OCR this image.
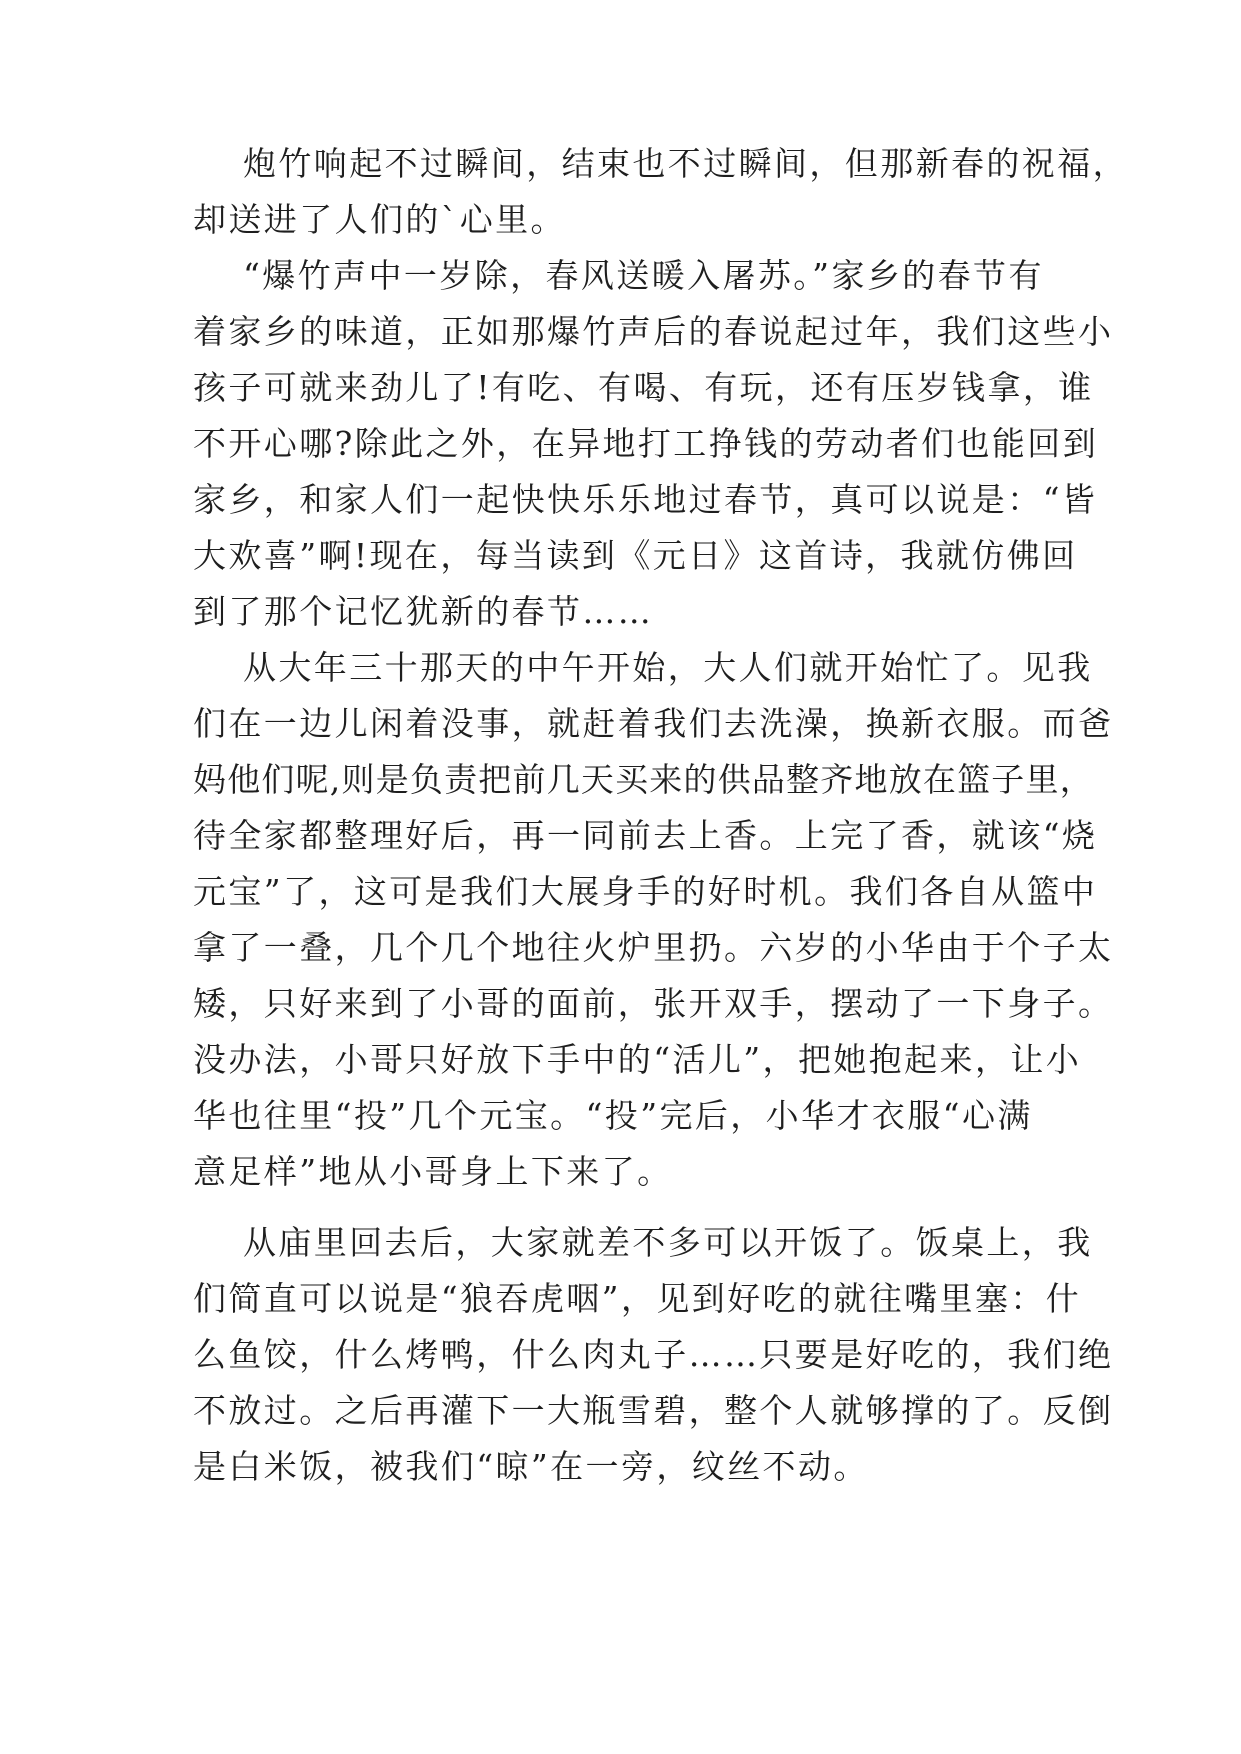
炮竹响起不过瞬间，结束也不过瞬间，但那新春的祝福，
却送进了人们的`心里。
“爆竹声中一岁除，春风送暖入屠苏。”家乡的春节有
着家乡的味道，正如那爆竹声后的春说起过年，我们这些小
孩子可就来劲儿了!有吃、有喝、有玩，还有压岁钱拿，谁
不开心哪?除此之外，在异地打工挣钱的劳动者们也能回到
家乡，和家人们一起快快乐乐地过春节，真可以说是：“皆
大欢喜”啊!现在，每当读到《元日》这首诗，我就仿佛回
到了那个记忆犹新的春节……
从大年三十那天的中午开始，大人们就开始忙了。见我
们在一边儿闲着没事，就赶着我们去洗澡，换新衣服。而爸
妈他们呢,则是负责把前几天买来的供品整齐地放在篮子里，
待全家都整理好后，再一同前去上香。上完了香，就该“烧
元宝”了，这可是我们大展身手的好时机。我们各自从篮中
拿了一叠，几个几个地往火炉里扔。六岁的小华由于个子太
矮，只好来到了小哥的面前，张开双手，摆动了一下身子。
没办法，小哥只好放下手中的“活儿”，把她抱起来，让小
华也往里“投”几个元宝。“投”完后，小华才衣服“心满
意足样”地从小哥身上下来了。
从庙里回去后，大家就差不多可以开饭了。饭桌上，我
们简直可以说是“狼吞虎咽”，见到好吃的就往嘴里塞：什
么鱼饺，什么烤鸭，什么肉丸子……只要是好吃的，我们绝
不放过。之后再灌下一大瓶雪碧，整个人就够撑的了。反倒
是白米饭，被我们“晾”在一旁，纹丝不动。
